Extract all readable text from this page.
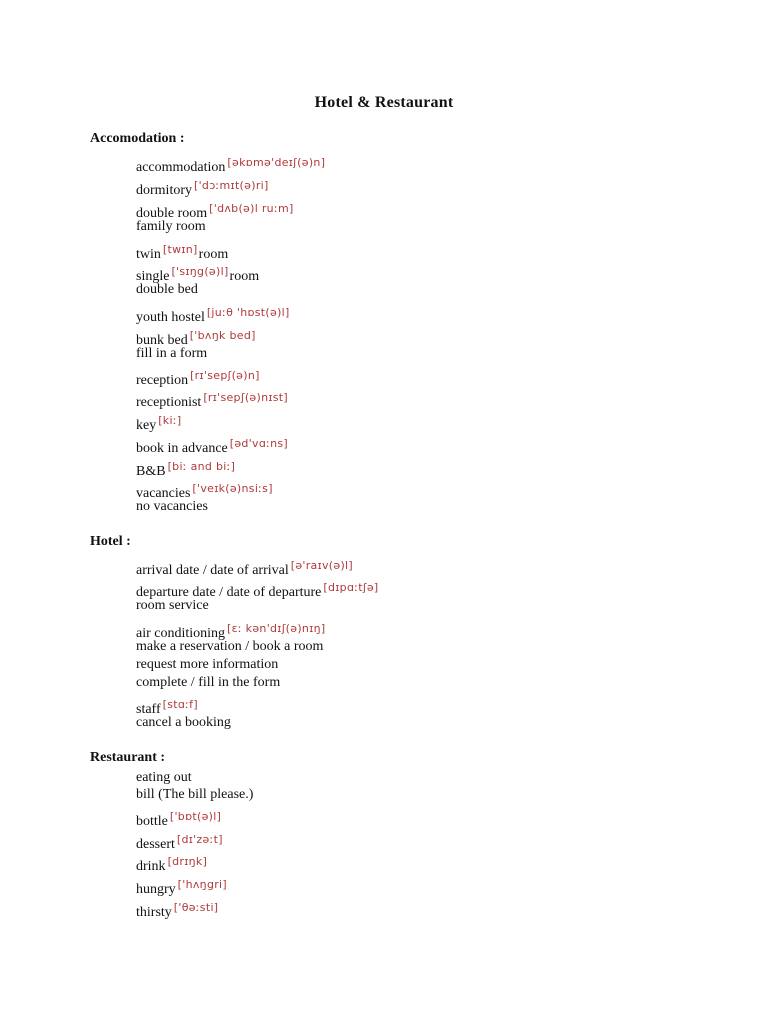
Hotel & Restaurant
Accomodation :
Hotel :
Restaurant :
accommodation [əkɒmə'deɪʃ(ə)n]
dormitory ['dɔːmɪt(ə)ri]
double room ['dʌb(ə)l ruːm]
family room
twin [twɪn]room
single ['sɪŋg(ə)l]room
double bed
youth hostel [juːθ 'hɒst(ə)l]
bunk bed ['bʌŋk bed]
fill in a form
reception [rɪ'sepʃ(ə)n]
receptionist [rɪ'sepʃ(ə)nɪst]
key [kiː]
book in advance [əd'vɑːns]
B&B [biː and biː]
vacancies ['veɪk(ə)nsiːs]
no vacancies
arrival date / date of arrival [ə'raɪv(ə)l]
departure date / date of departure [dɪpɑːtʃə]
room service
air conditioning [ɛː kən'dɪʃ(ə)nɪŋ]
make a reservation / book a room
request more information
complete / fill in the form
staff [stɑːf]
cancel a booking
eating out
bill (The bill please.)
bottle ['bɒt(ə)l]
dessert [dɪ'zəːt]
drink [drɪŋk]
hungry ['hʌŋgri]
thirsty ['θəːsti]
